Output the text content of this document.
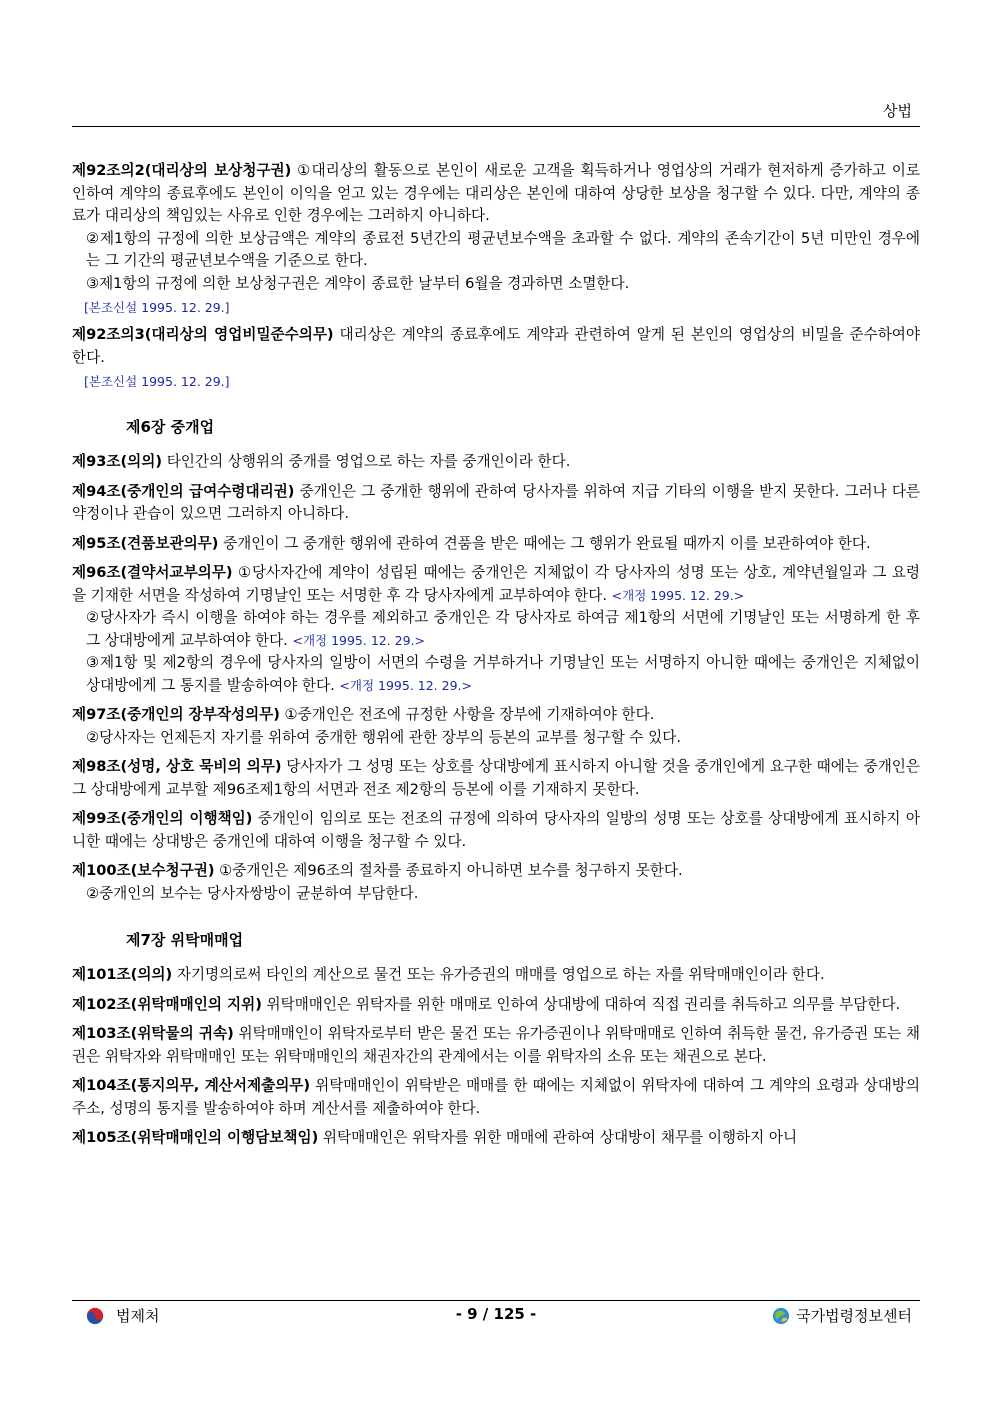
상법
제92조의2(대리상의 보상청구권) ①대리상의 활동으로 본인이 새로운 고객을 획득하거나 영업상의 거래가 현저하게 증가하고 이로 인하여 계약의 종료후에도 본인이 이익을 얻고 있는 경우에는 대리상은 본인에 대하여 상당한 보상을 청구할 수 있다. 다만, 계약의 종료가 대리상의 책임있는 사유로 인한 경우에는 그러하지 아니하다.
②제1항의 규정에 의한 보상금액은 계약의 종료전 5년간의 평균년보수액을 초과할 수 없다. 계약의 존속기간이 5년 미만인 경우에는 그 기간의 평균년보수액을 기준으로 한다.
③제1항의 규정에 의한 보상청구권은 계약이 종료한 날부터 6월을 경과하면 소멸한다.
[본조신설 1995. 12. 29.]
제92조의3(대리상의 영업비밀준수의무) 대리상은 계약의 종료후에도 계약과 관련하여 알게 된 본인의 영업상의 비밀을 준수하여야 한다.
[본조신설 1995. 12. 29.]
제6장 중개업
제93조(의의) 타인간의 상행위의 중개를 영업으로 하는 자를 중개인이라 한다.
제94조(중개인의 급여수령대리권) 중개인은 그 중개한 행위에 관하여 당사자를 위하여 지급 기타의 이행을 받지 못한다. 그러나 다른 약정이나 관습이 있으면 그러하지 아니하다.
제95조(견품보관의무) 중개인이 그 중개한 행위에 관하여 견품을 받은 때에는 그 행위가 완료될 때까지 이를 보관하여야 한다.
제96조(결약서교부의무) ①당사자간에 계약이 성립된 때에는 중개인은 지체없이 각 당사자의 성명 또는 상호, 계약년월일과 그 요령을 기재한 서면을 작성하여 기명날인 또는 서명한 후 각 당사자에게 교부하여야 한다. <개정 1995. 12. 29.>
②당사자가 즉시 이행을 하여야 하는 경우를 제외하고 중개인은 각 당사자로 하여금 제1항의 서면에 기명날인 또는 서명하게 한 후 그 상대방에게 교부하여야 한다. <개정 1995. 12. 29.>
③제1항 및 제2항의 경우에 당사자의 일방이 서면의 수령을 거부하거나 기명날인 또는 서명하지 아니한 때에는 중개인은 지체없이 상대방에게 그 통지를 발송하여야 한다. <개정 1995. 12. 29.>
제97조(중개인의 장부작성의무) ①중개인은 전조에 규정한 사항을 장부에 기재하여야 한다.
②당사자는 언제든지 자기를 위하여 중개한 행위에 관한 장부의 등본의 교부를 청구할 수 있다.
제98조(성명, 상호 묵비의 의무) 당사자가 그 성명 또는 상호를 상대방에게 표시하지 아니할 것을 중개인에게 요구한 때에는 중개인은 그 상대방에게 교부할 제96조제1항의 서면과 전조 제2항의 등본에 이를 기재하지 못한다.
제99조(중개인의 이행책임) 중개인이 임의로 또는 전조의 규정에 의하여 당사자의 일방의 성명 또는 상호를 상대방에게 표시하지 아니한 때에는 상대방은 중개인에 대하여 이행을 청구할 수 있다.
제100조(보수청구권) ①중개인은 제96조의 절차를 종료하지 아니하면 보수를 청구하지 못한다.
②중개인의 보수는 당사자쌍방이 균분하여 부담한다.
제7장 위탁매매업
제101조(의의) 자기명의로써 타인의 계산으로 물건 또는 유가증권의 매매를 영업으로 하는 자를 위탁매매인이라 한다.
제102조(위탁매매인의 지위) 위탁매매인은 위탁자를 위한 매매로 인하여 상대방에 대하여 직접 권리를 취득하고 의무를 부담한다.
제103조(위탁물의 귀속) 위탁매매인이 위탁자로부터 받은 물건 또는 유가증권이나 위탁매매로 인하여 취득한 물건, 유가증권 또는 채권은 위탁자와 위탁매매인 또는 위탁매매인의 채권자간의 관계에서는 이를 위탁자의 소유 또는 채권으로 본다.
제104조(통지의무, 계산서제출의무) 위탁매매인이 위탁받은 매매를 한 때에는 지체없이 위탁자에 대하여 그 계약의 요령과 상대방의 주소, 성명의 통지를 발송하여야 하며 계산서를 제출하여야 한다.
제105조(위탁매매인의 이행담보책임) 위탁매매인은 위탁자를 위한 매매에 관하여 상대방이 채무를 이행하지 아니
법제처	- 9 / 125 -	국가법령정보센터
